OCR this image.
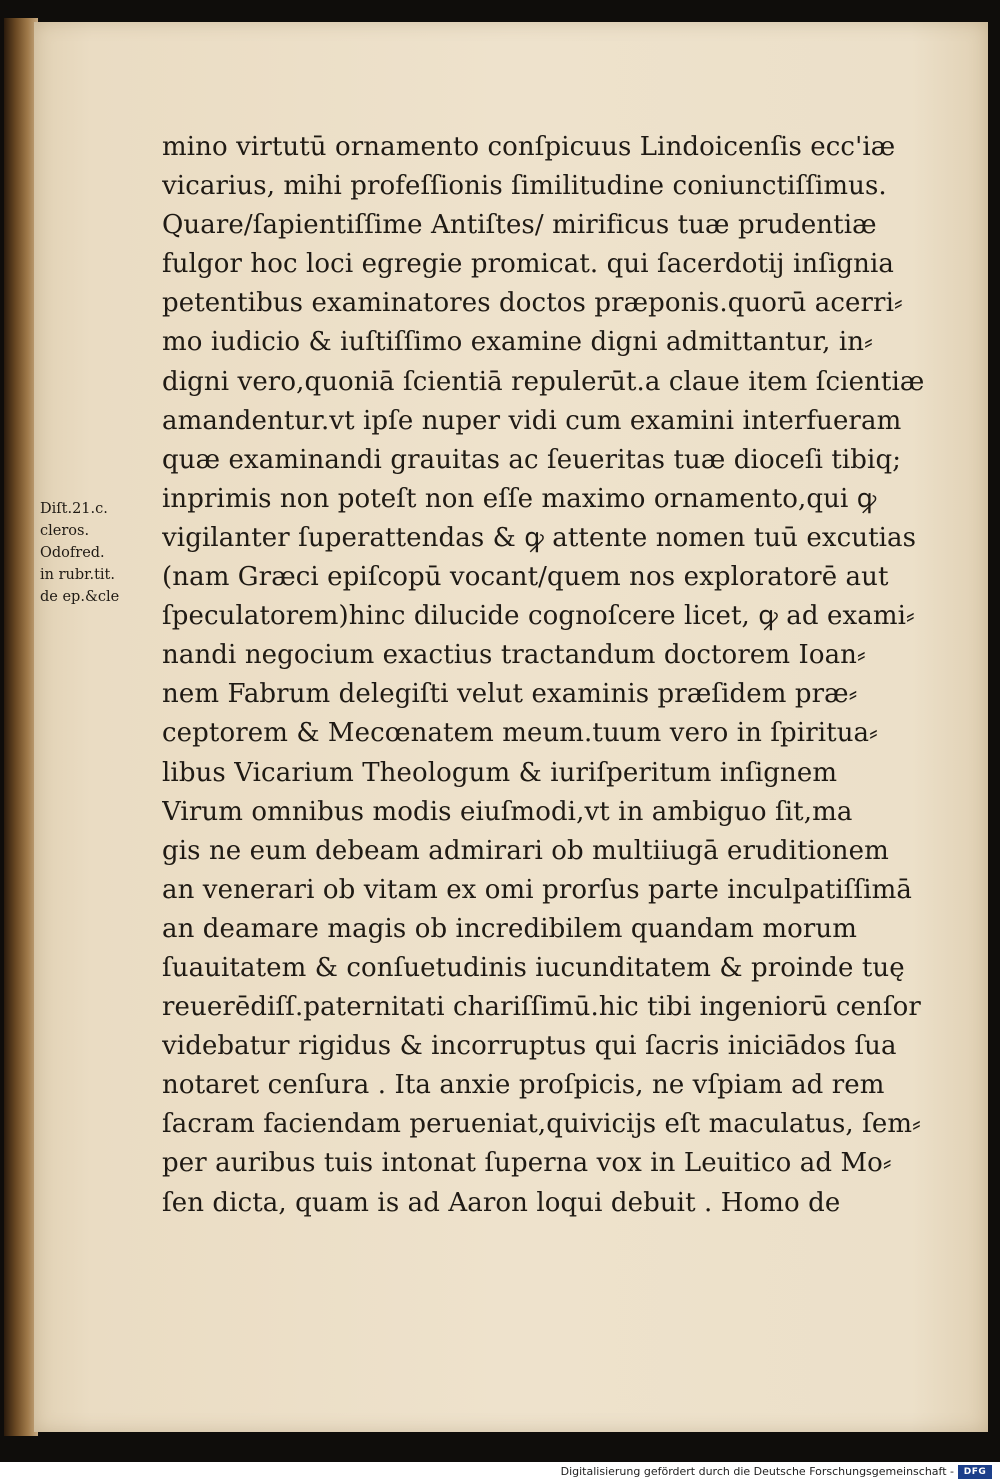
Diſt.21.c.
cleros.
Odofred.
in rubr.tit.
de ep.&cle
mino virtutū ornamento conſpicuus Lindoicenſis ecc'iæ
vicarius, mihi profeſſionis ſimilitudine coniunctiſſimus.
Quare/ſapientiſſime Antiſtes/ mirificus tuæ prudentiæ
fulgor hoc loci egregie promicat. qui ſacerdotij inſignia
petentibus examinatores doctos præponis.quorū acerri⸗
mo iudicio & iuſtiſſimo examine digni admittantur, in⸗
digni vero,quoniā ſcientiā repulerūt.a claue item ſcientiæ
amandentur.vt ipſe nuper vidi cum examini interfueram
quæ examinandi grauitas ac ſeueritas tuæ dioceſi tibiq;
inprimis non poteſt non eſſe maximo ornamento,qui ꝙ
vigilanter ſuperattendas & ꝙ attente nomen tuū excutias
(nam Græci epiſcopū vocant/quem nos exploratorē aut
ſpeculatorem)hinc dilucide cognoſcere licet, ꝙ ad exami⸗
nandi negocium exactius tractandum doctorem Ioan⸗
nem Fabrum delegiſti velut examinis præſidem præ⸗
ceptorem & Mecœnatem meum.tuum vero in ſpiritua⸗
libus Vicarium Theologum & iuriſperitum inſignem
Virum omnibus modis eiuſmodi,vt in ambiguo ſit,ma
gis ne eum debeam admirari ob multiiugā eruditionem
an venerari ob vitam ex omi prorſus parte inculpatiſſimā
an deamare magis ob incredibilem quandam morum
ſuauitatem & conſuetudinis iucunditatem & proinde tuę
reuerēdiſſ.paternitati chariſſimū.hic tibi ingeniorū cenſor
videbatur rigidus & incorruptus qui ſacris iniciādos ſua
notaret cenſura . Ita anxie proſpicis, ne vſpiam ad rem
ſacram faciendam perueniat,quivicijs eſt maculatus, ſem⸗
per auribus tuis intonat ſuperna vox in Leuitico ad Mo⸗
ſen dicta, quam is ad Aaron loqui debuit . Homo de
Digitalisierung gefördert durch die Deutsche Forschungsgemeinschaft -	DFG
